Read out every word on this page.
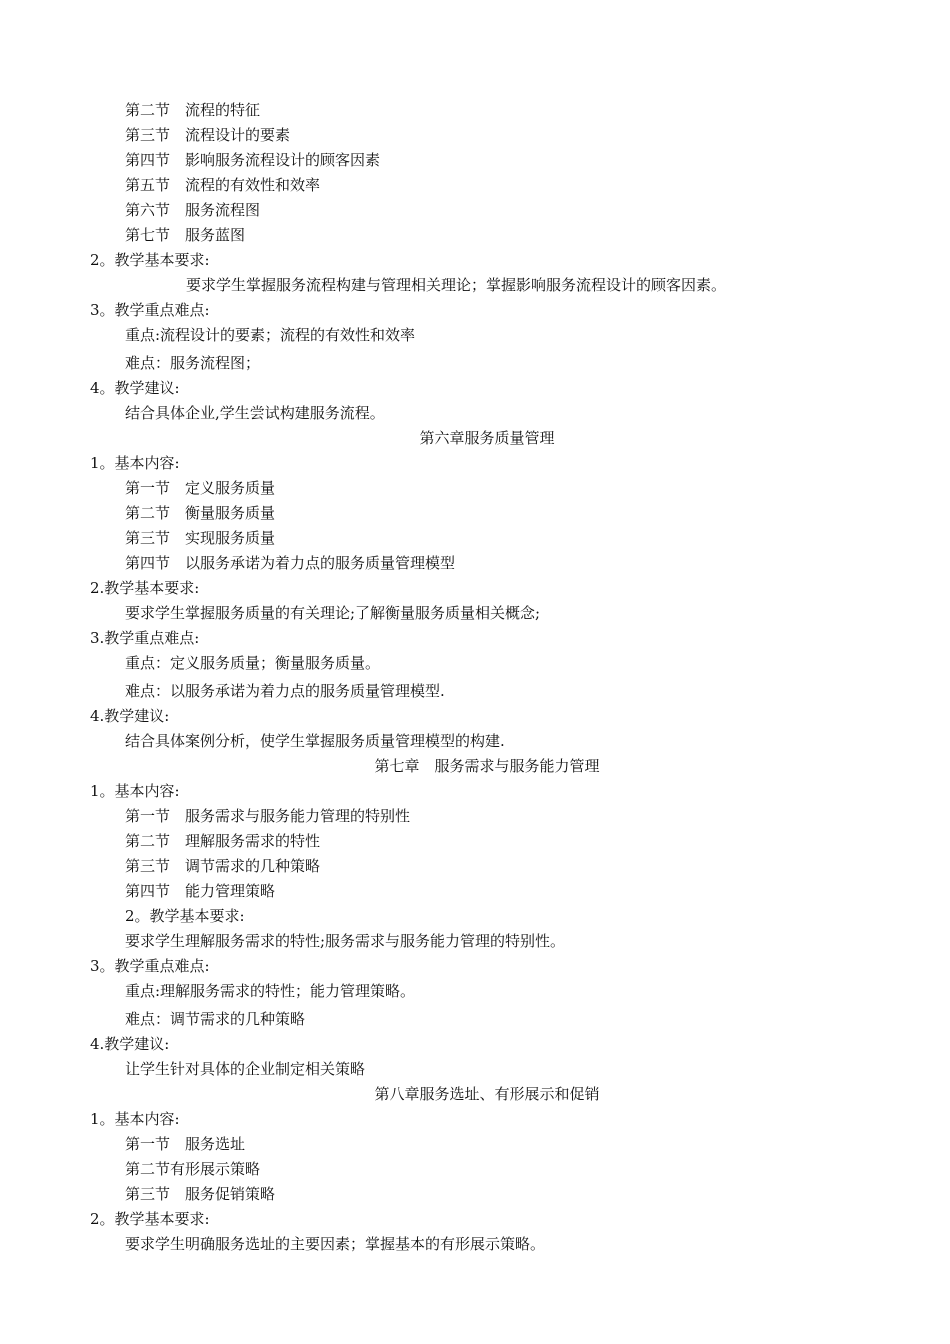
第二节　流程的特征
第三节　流程设计的要素
第四节　影响服务流程设计的顾客因素
第五节　流程的有效性和效率
第六节　服务流程图
第七节　服务蓝图
2。教学基本要求:
要求学生掌握服务流程构建与管理相关理论；掌握影响服务流程设计的顾客因素。
3。教学重点难点:
重点:流程设计的要素；流程的有效性和效率
难点：服务流程图；
4。教学建议:
结合具体企业,学生尝试构建服务流程。
第六章服务质量管理
1。基本内容:
第一节　定义服务质量
第二节　衡量服务质量
第三节　实现服务质量
第四节　以服务承诺为着力点的服务质量管理模型
2.教学基本要求:
要求学生掌握服务质量的有关理论;了解衡量服务质量相关概念;
3.教学重点难点:
重点：定义服务质量；衡量服务质量。
难点：以服务承诺为着力点的服务质量管理模型.
4.教学建议:
结合具体案例分析，使学生掌握服务质量管理模型的构建.
第七章　服务需求与服务能力管理
1。基本内容:
第一节　服务需求与服务能力管理的特别性
第二节　理解服务需求的特性
第三节　调节需求的几种策略
第四节　能力管理策略
2。教学基本要求:
要求学生理解服务需求的特性;服务需求与服务能力管理的特别性。
3。教学重点难点:
重点:理解服务需求的特性；能力管理策略。
难点：调节需求的几种策略
4.教学建议:
让学生针对具体的企业制定相关策略
第八章服务选址、有形展示和促销
1。基本内容:
第一节　服务选址
第二节有形展示策略
第三节　服务促销策略
2。教学基本要求:
要求学生明确服务选址的主要因素；掌握基本的有形展示策略。
